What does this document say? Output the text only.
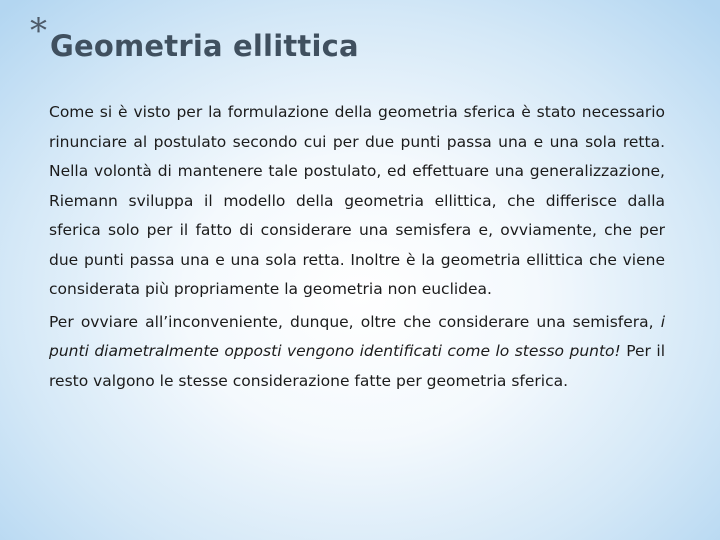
* Geometria ellittica

Come si è visto per la formulazione della geometria sferica è stato necessario rinunciare al postulato secondo cui per due punti passa una e una sola retta. Nella volontà di mantenere tale postulato, ed effettuare una generalizzazione, Riemann sviluppa il modello della geometria ellittica, che differisce dalla sferica solo per il fatto di considerare una semisfera e, ovviamente, che per due punti passa una e una sola retta. Inoltre è la geometria ellittica che viene considerata più propriamente la geometria non euclidea.

Per ovviare all’inconveniente, dunque, oltre che considerare una semisfera, i punti diametralmente opposti vengono identificati come lo stesso punto! Per il resto valgono le stesse considerazione fatte per geometria sferica.
